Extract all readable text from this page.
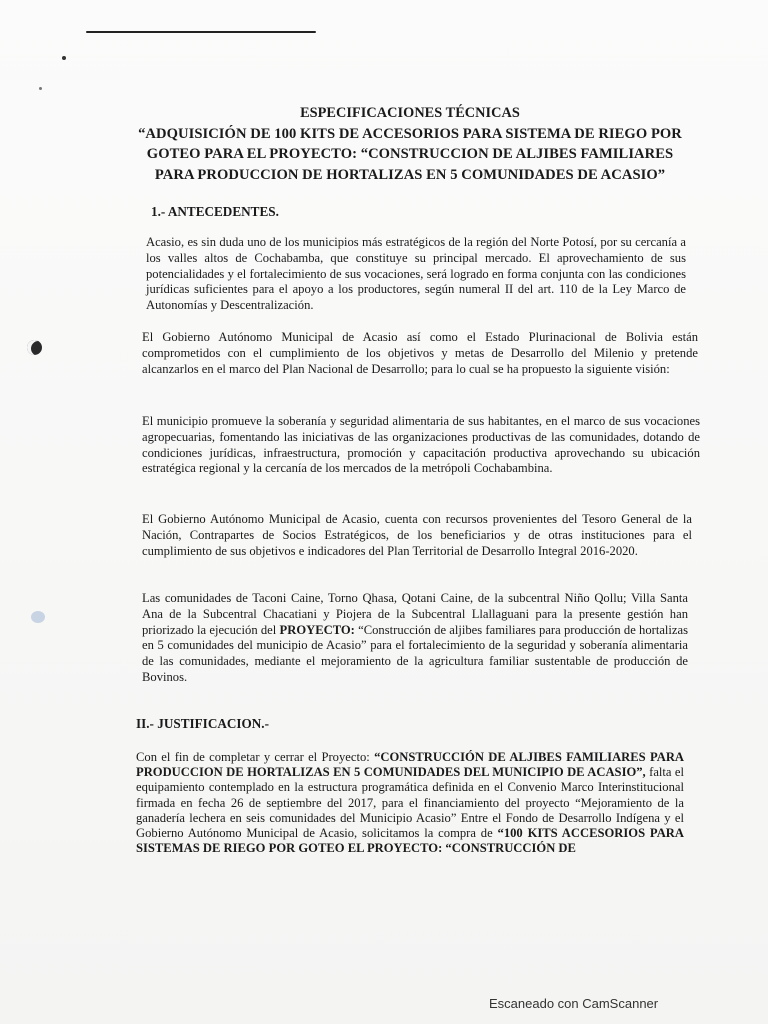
ESPECIFICACIONES TÉCNICAS
“ADQUISICIÓN DE 100 KITS DE ACCESORIOS PARA SISTEMA DE RIEGO POR
GOTEO PARA EL PROYECTO: “CONSTRUCCION DE ALJIBES FAMILIARES
PARA PRODUCCION DE HORTALIZAS EN 5 COMUNIDADES DE ACASIO”
1.- ANTECEDENTES.
Acasio, es sin duda uno de los municipios más estratégicos de la región del Norte Potosí, por su cercanía a los valles altos de Cochabamba, que constituye su principal mercado. El aprovechamiento de sus potencialidades y el fortalecimiento de sus vocaciones, será logrado en forma conjunta con las condiciones jurídicas suficientes para el apoyo a los productores, según numeral II del art. 110 de la Ley Marco de Autonomías y Descentralización.
El Gobierno Autónomo Municipal de Acasio así como el Estado Plurinacional de Bolivia están comprometidos con el cumplimiento de los objetivos y metas de Desarrollo del Milenio y pretende alcanzarlos en el marco del Plan Nacional de Desarrollo; para lo cual se ha propuesto la siguiente visión:
El municipio promueve la soberanía y seguridad alimentaria de sus habitantes, en el marco de sus vocaciones agropecuarias, fomentando las iniciativas de las organizaciones productivas de las comunidades, dotando de condiciones jurídicas, infraestructura, promoción y capacitación productiva aprovechando su ubicación estratégica regional y la cercanía de los mercados de la metrópoli Cochabambina.
El Gobierno Autónomo Municipal de Acasio, cuenta con recursos provenientes del Tesoro General de la Nación, Contrapartes de Socios Estratégicos, de los beneficiarios y de otras instituciones para el cumplimiento de sus objetivos e indicadores del Plan Territorial de Desarrollo Integral 2016-2020.
Las comunidades de Taconi Caine, Torno Qhasa, Qotani Caine, de la subcentral Niño Qollu; Villa Santa Ana de la Subcentral Chacatiani y Piojera de la Subcentral Llallaguani para la presente gestión han priorizado la ejecución del PROYECTO: “Construcción de aljibes familiares para producción de hortalizas en 5 comunidades del municipio de Acasio” para el fortalecimiento de la seguridad y soberanía alimentaria de las comunidades, mediante el mejoramiento de la agricultura familiar sustentable de producción de Bovinos.
II.- JUSTIFICACION.-
Con el fin de completar y cerrar el Proyecto: “CONSTRUCCIÓN DE ALJIBES FAMILIARES PARA PRODUCCION DE HORTALIZAS EN 5 COMUNIDADES DEL MUNICIPIO DE ACASIO”, falta el equipamiento contemplado en la estructura programática definida en el Convenio Marco Interinstitucional firmada en fecha 26 de septiembre del 2017, para el financiamiento del proyecto “Mejoramiento de la ganadería lechera en seis comunidades del Municipio Acasio” Entre el Fondo de Desarrollo Indígena y el Gobierno Autónomo Municipal de Acasio, solicitamos la compra de “100 KITS ACCESORIOS PARA SISTEMAS DE RIEGO POR GOTEO EL PROYECTO: “CONSTRUCCIÓN DE
Escaneado con CamScanner
